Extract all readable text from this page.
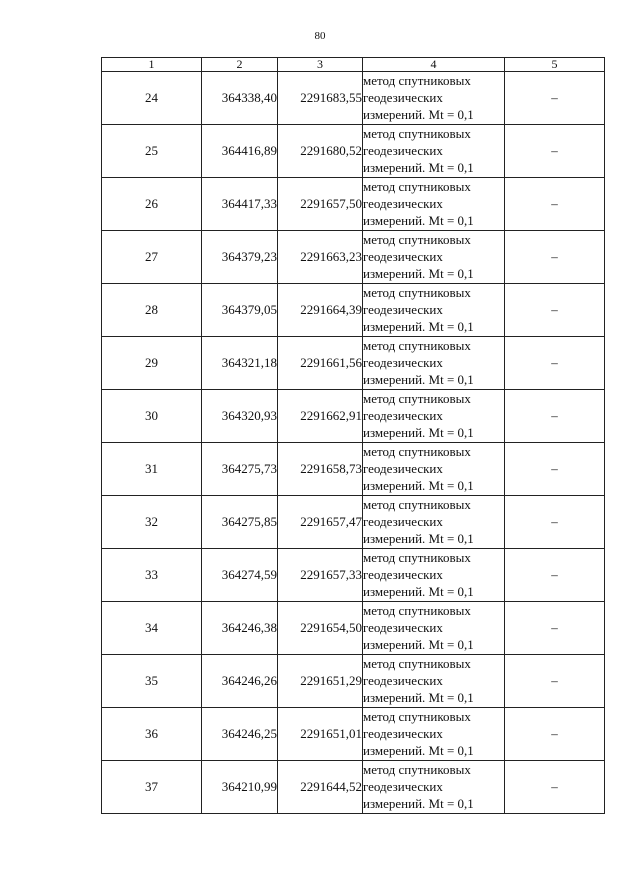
80
1	2	3	4	5
24	364338,40	2291683,55	метод спутниковых
геодезических
измерений. Mt = 0,1	–
25	364416,89	2291680,52	метод спутниковых
геодезических
измерений. Mt = 0,1	–
26	364417,33	2291657,50	метод спутниковых
геодезических
измерений. Mt = 0,1	–
27	364379,23	2291663,23	метод спутниковых
геодезических
измерений. Mt = 0,1	–
28	364379,05	2291664,39	метод спутниковых
геодезических
измерений. Mt = 0,1	–
29	364321,18	2291661,56	метод спутниковых
геодезических
измерений. Mt = 0,1	–
30	364320,93	2291662,91	метод спутниковых
геодезических
измерений. Mt = 0,1	–
31	364275,73	2291658,73	метод спутниковых
геодезических
измерений. Mt = 0,1	–
32	364275,85	2291657,47	метод спутниковых
геодезических
измерений. Mt = 0,1	–
33	364274,59	2291657,33	метод спутниковых
геодезических
измерений. Mt = 0,1	–
34	364246,38	2291654,50	метод спутниковых
геодезических
измерений. Mt = 0,1	–
35	364246,26	2291651,29	метод спутниковых
геодезических
измерений. Mt = 0,1	–
36	364246,25	2291651,01	метод спутниковых
геодезических
измерений. Mt = 0,1	–
37	364210,99	2291644,52	метод спутниковых
геодезических
измерений. Mt = 0,1	–
